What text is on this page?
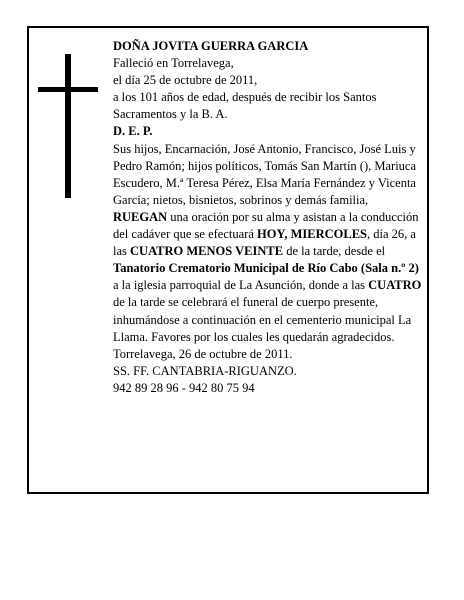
DOÑA JOVITA GUERRA GARCIA

Falleció en Torrelavega,

el día 25 de octubre de 2011,

a los 101 años de edad, después de recibir los Santos Sacramentos y la B. A.

D. E. P.

Sus hijos, Encarnación, José Antonio, Francisco, José Luis y Pedro Ramón; hijos políticos, Tomás San Martín (), Mariuca Escudero, M.ª Teresa Pérez, Elsa María Fernández y Vicenta García; nietos, bisnietos, sobrinos y demás familia,

RUEGAN una oración por su alma y asistan a la conducción del cadáver que se efectuará HOY, MIERCOLES, día 26, a las CUATRO MENOS VEINTE de la tarde, desde el Tanatorio Crematorio Municipal de Río Cabo (Sala n.º 2) a la iglesia parroquial de La Asunción, donde a las CUATRO de la tarde se celebrará el funeral de cuerpo presente, inhumándose a continuación en el cementerio municipal La Llama. Favores por los cuales les quedarán agradecidos.

Torrelavega, 26 de octubre de 2011.

SS. FF. CANTABRIA-RIGUANZO.

942 89 28 96 - 942 80 75 94
